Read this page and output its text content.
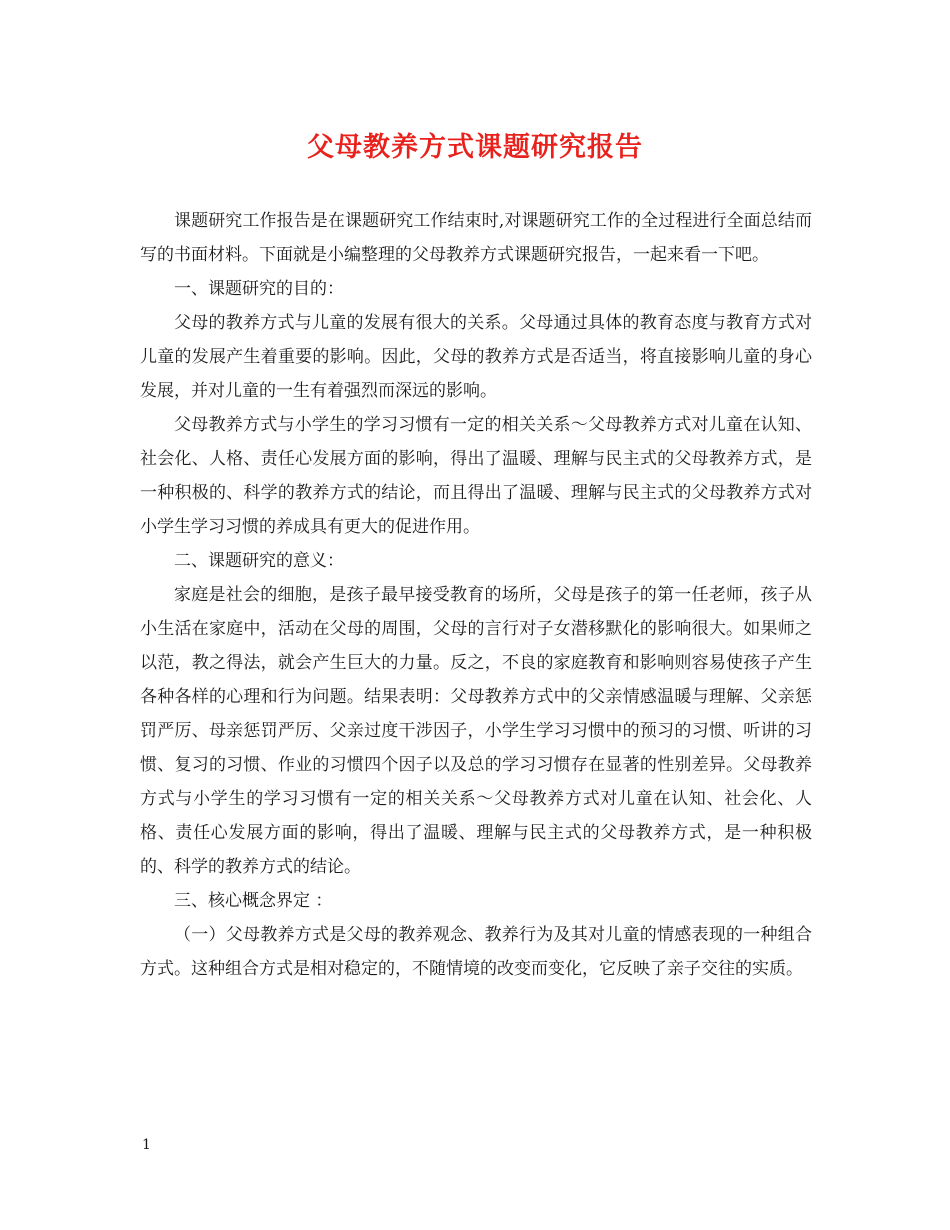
父母教养方式课题研究报告

课题研究工作报告是在课题研究工作结束时,对课题研究工作的全过程进行全面总结而写的书面材料。下面就是小编整理的父母教养方式课题研究报告，一起来看一下吧。

一、课题研究的目的：

父母的教养方式与儿童的发展有很大的关系。父母通过具体的教育态度与教育方式对儿童的发展产生着重要的影响。因此，父母的教养方式是否适当，将直接影响儿童的身心发展，并对儿童的一生有着强烈而深远的影响。

父母教养方式与小学生的学习习惯有一定的相关关系～父母教养方式对儿童在认知、社会化、人格、责任心发展方面的影响，得出了温暖、理解与民主式的父母教养方式，是一种积极的、科学的教养方式的结论，而且得出了温暖、理解与民主式的父母教养方式对小学生学习习惯的养成具有更大的促进作用。

二、课题研究的意义：

家庭是社会的细胞，是孩子最早接受教育的场所，父母是孩子的第一任老师，孩子从小生活在家庭中，活动在父母的周围，父母的言行对子女潜移默化的影响很大。如果师之以范，教之得法，就会产生巨大的力量。反之，不良的家庭教育和影响则容易使孩子产生各种各样的心理和行为问题。结果表明：父母教养方式中的父亲情感温暖与理解、父亲惩罚严厉、母亲惩罚严厉、父亲过度干涉因子，小学生学习习惯中的预习的习惯、听讲的习惯、复习的习惯、作业的习惯四个因子以及总的学习习惯存在显著的性别差异。父母教养方式与小学生的学习习惯有一定的相关关系～父母教养方式对儿童在认知、社会化、人格、责任心发展方面的影响，得出了温暖、理解与民主式的父母教养方式，是一种积极的、科学的教养方式的结论。

三、核心概念界定 ：

（一）父母教养方式是父母的教养观念、教养行为及其对儿童的情感表现的一种组合方式。这种组合方式是相对稳定的，不随情境的改变而变化，它反映了亲子交往的实质。

1
